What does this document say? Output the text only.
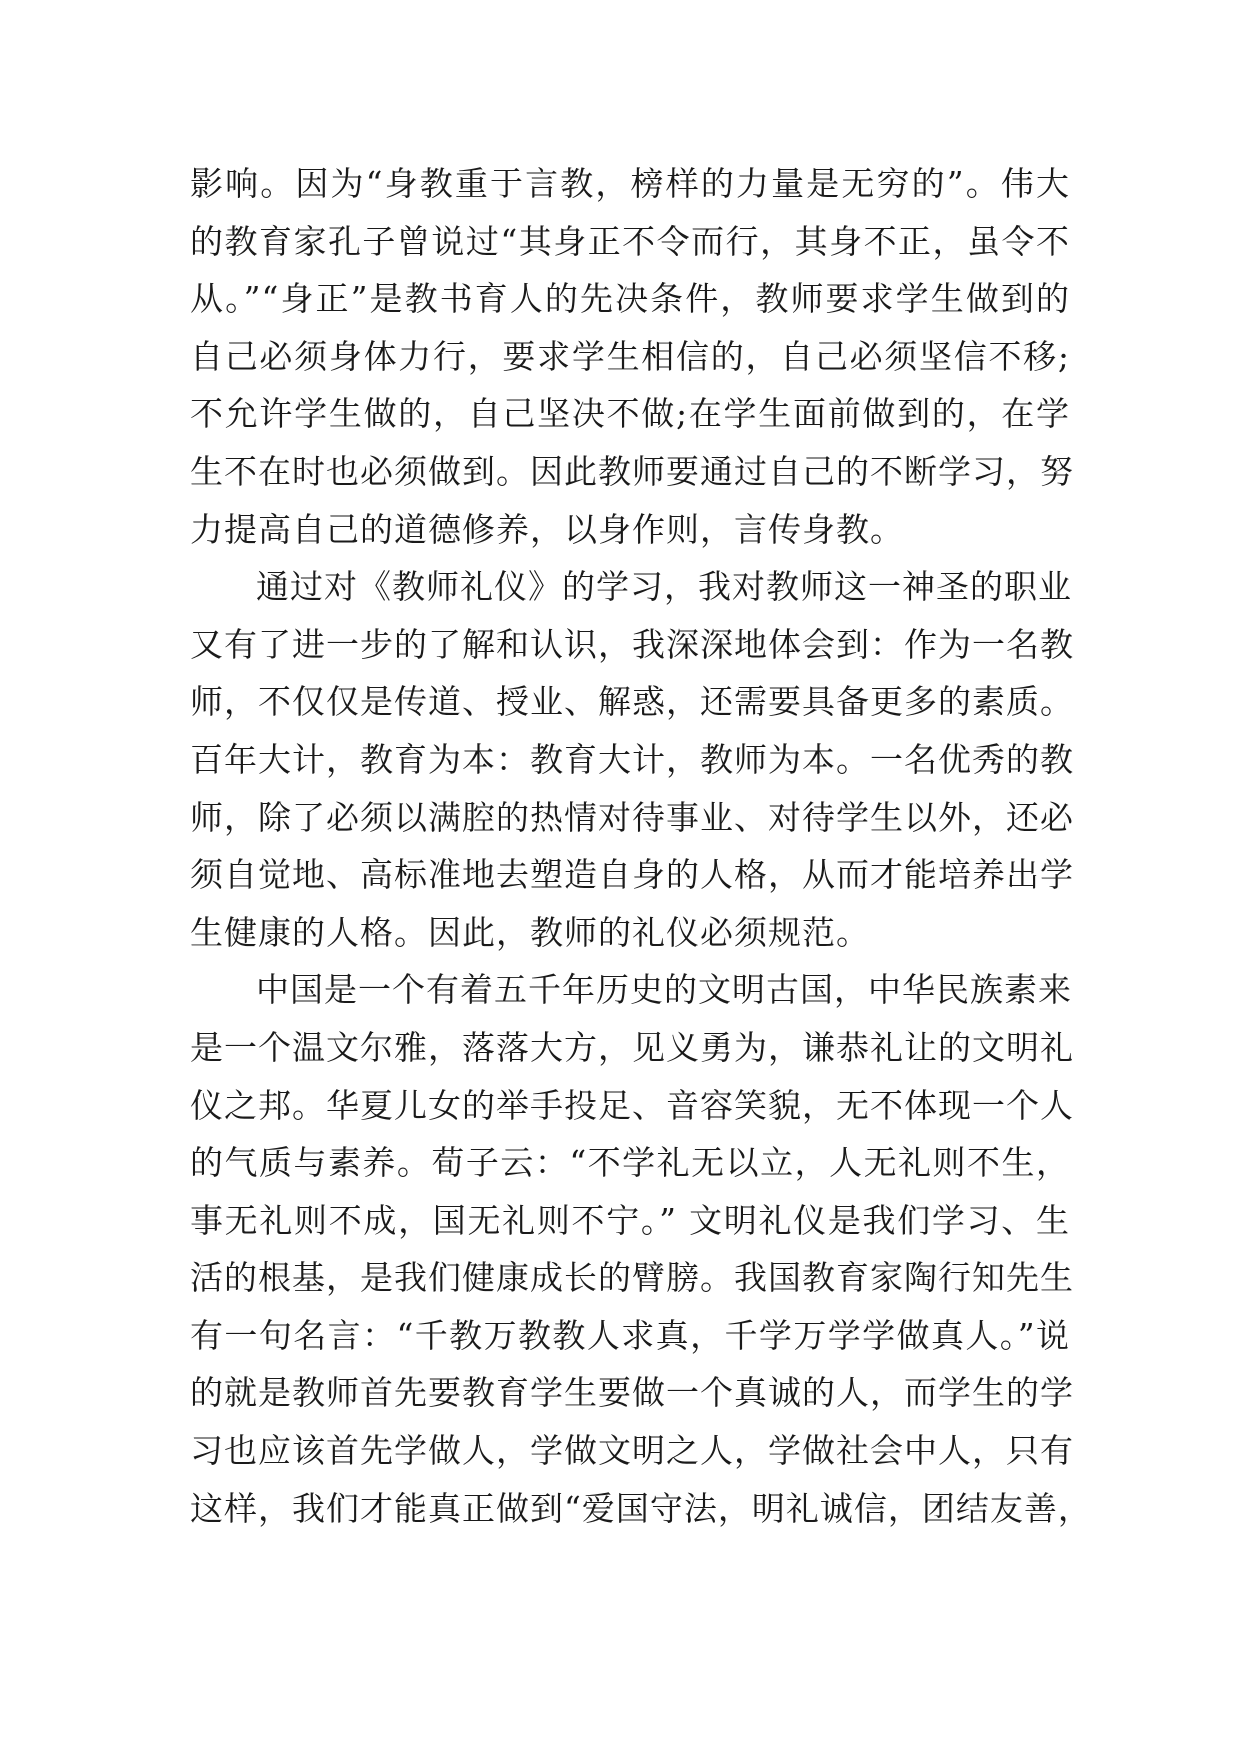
影响。因为“身教重于言教，榜样的力量是无穷的”。伟大
的教育家孔子曾说过“其身正不令而行，其身不正，虽令不
从。”“身正”是教书育人的先决条件，教师要求学生做到的
自己必须身体力行，要求学生相信的，自己必须坚信不移;
不允许学生做的，自己坚决不做;在学生面前做到的，在学
生不在时也必须做到。因此教师要通过自己的不断学习，努
力提高自己的道德修养，以身作则，言传身教。
通过对《教师礼仪》的学习，我对教师这一神圣的职业
又有了进一步的了解和认识，我深深地体会到：作为一名教
师，不仅仅是传道、授业、解惑，还需要具备更多的素质。
百年大计，教育为本：教育大计，教师为本。一名优秀的教
师，除了必须以满腔的热情对待事业、对待学生以外，还必
须自觉地、高标准地去塑造自身的人格，从而才能培养出学
生健康的人格。因此，教师的礼仪必须规范。
中国是一个有着五千年历史的文明古国，中华民族素来
是一个温文尔雅，落落大方，见义勇为，谦恭礼让的文明礼
仪之邦。华夏儿女的举手投足、音容笑貌，无不体现一个人
的气质与素养。荀子云：“不学礼无以立，人无礼则不生，
事无礼则不成，国无礼则不宁。” 文明礼仪是我们学习、生
活的根基，是我们健康成长的臂膀。我国教育家陶行知先生
有一句名言：“千教万教教人求真，千学万学学做真人。”说
的就是教师首先要教育学生要做一个真诚的人，而学生的学
习也应该首先学做人，学做文明之人，学做社会中人，只有
这样，我们才能真正做到“爱国守法，明礼诚信，团结友善，
